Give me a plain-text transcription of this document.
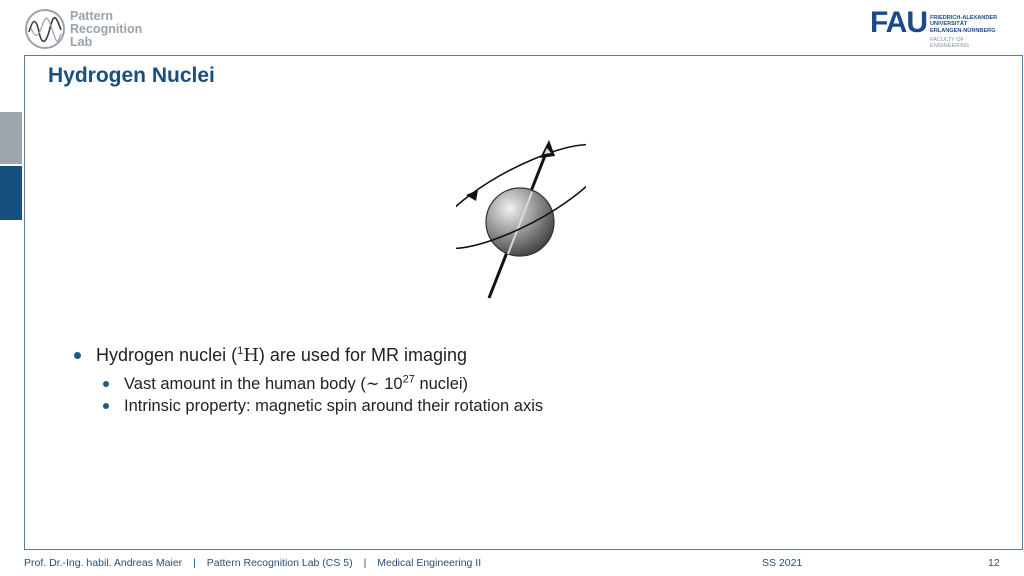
Pattern
Recognition
Lab
FAU FRIEDRICH-ALEXANDER
UNIVERSITÄT
ERLANGEN-NÜRNBERG
FACULTY OF ENGINEERING
Hydrogen Nuclei
Hydrogen nuclei ($^1$H) are used for MR imaging
Vast amount in the human body (∼ $10^{27}$ nuclei)
Intrinsic property: magnetic spin around their rotation axis
Prof. Dr.-Ing. habil. Andreas Maier | Pattern Recognition Lab (CS 5) | Medical Engineering II	SS 2021	12
